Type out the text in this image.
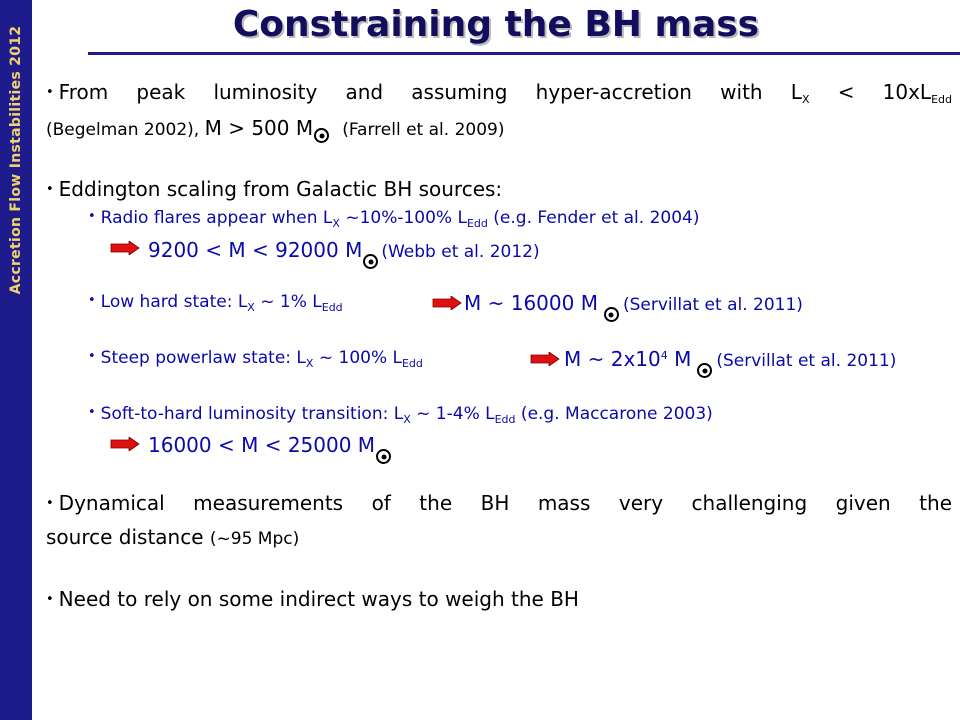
Accretion Flow Instabilities 2012
Constraining the BH mass
• From peak luminosity and assuming hyper-accretion with $L_X < 10xL_{Edd}$
(Begelman 2002), M > 500 M (Farrell et al. 2009)
• Eddington scaling from Galactic BH sources:
• Radio flares appear when $L_X$ ~10%-100% $L_{Edd}$ (e.g. Fender et al. 2004)
9200 < M < 92000 M (Webb et al. 2012)
• Low hard state: $L_X$ ~ 1% $L_{Edd}$	M ~ 16000 M (Servillat et al. 2011)
• Steep powerlaw state: $L_X$ ~ 100% $L_{Edd}$	M ~ $2x10^4$ M (Servillat et al. 2011)
• Soft-to-hard luminosity transition: $L_X$ ~ 1-4% $L_{Edd}$ (e.g. Maccarone 2003)
16000 < M < 25000 M
• Dynamical measurements of the BH mass very challenging given the
source distance (~95 Mpc)
• Need to rely on some indirect ways to weigh the BH
